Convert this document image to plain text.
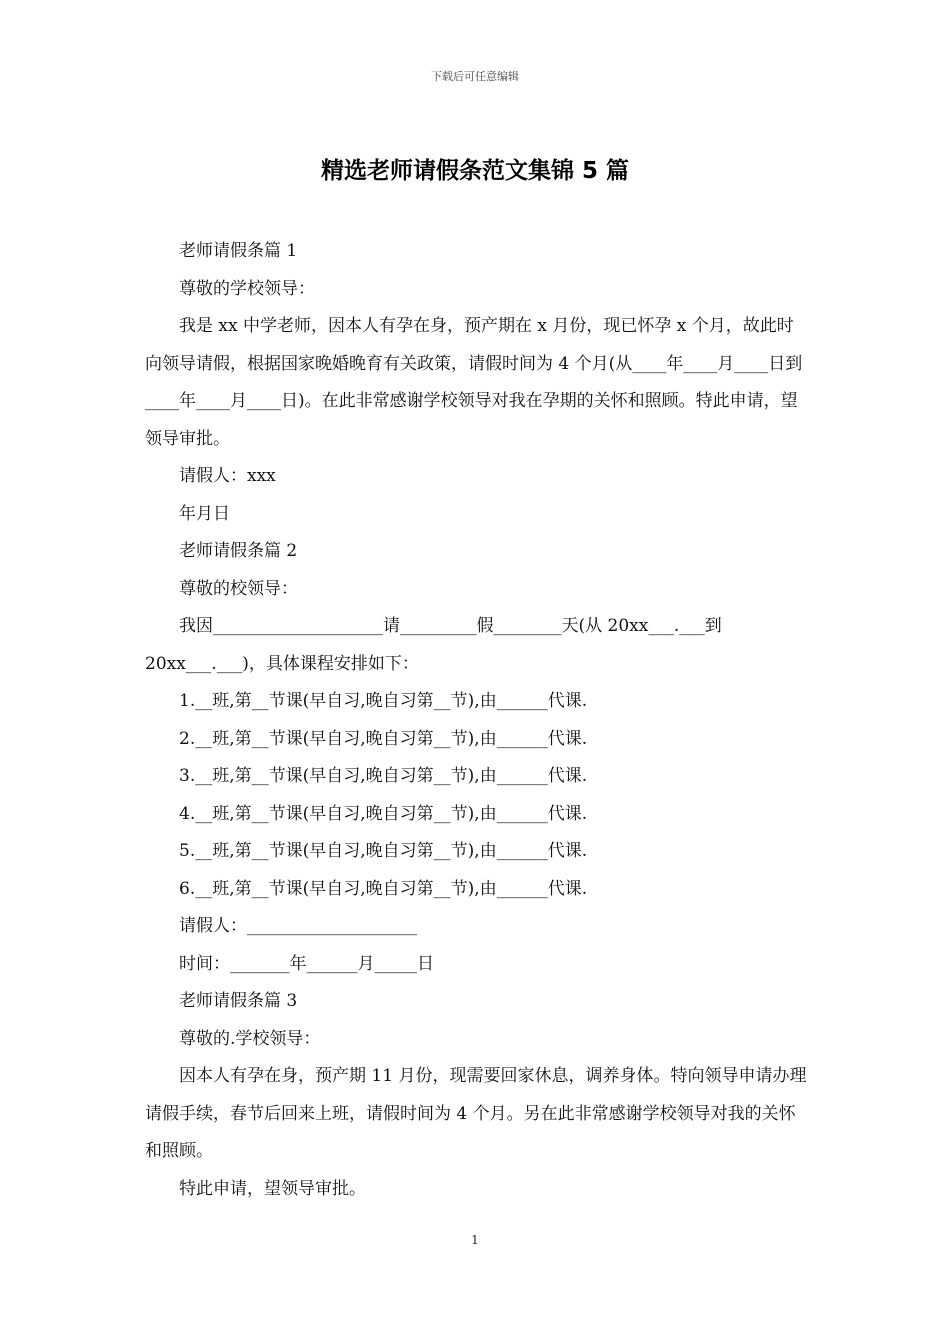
下载后可任意编辑
精选老师请假条范文集锦 5 篇

老师请假条篇 1

尊敬的学校领导：

我是 xx 中学老师，因本人有孕在身，预产期在 x 月份，现已怀孕 x 个月，故此时向领导请假，根据国家晚婚晚育有关政策，请假时间为 4 个月(从____年____月____日到____年____月____日)。在此非常感谢学校领导对我在孕期的关怀和照顾。特此申请，望领导审批。

请假人：xxx

年月日

老师请假条篇 2

尊敬的校领导：

我因____________________请_________假________天(从 20xx___.___到 20xx___.___)，具体课程安排如下：

1.__班,第__节课(早自习,晚自习第__节),由______代课.

2.__班,第__节课(早自习,晚自习第__节),由______代课.

3.__班,第__节课(早自习,晚自习第__节),由______代课.

4.__班,第__节课(早自习,晚自习第__节),由______代课.

5.__班,第__节课(早自习,晚自习第__节),由______代课.

6.__班,第__节课(早自习,晚自习第__节),由______代课.

请假人：____________________

时间：_______年______月_____日

老师请假条篇 3

尊敬的.学校领导：

因本人有孕在身，预产期 11 月份，现需要回家休息，调养身体。特向领导申请办理请假手续，春节后回来上班，请假时间为 4 个月。另在此非常感谢学校领导对我的关怀和照顾。

特此申请，望领导审批。

1
